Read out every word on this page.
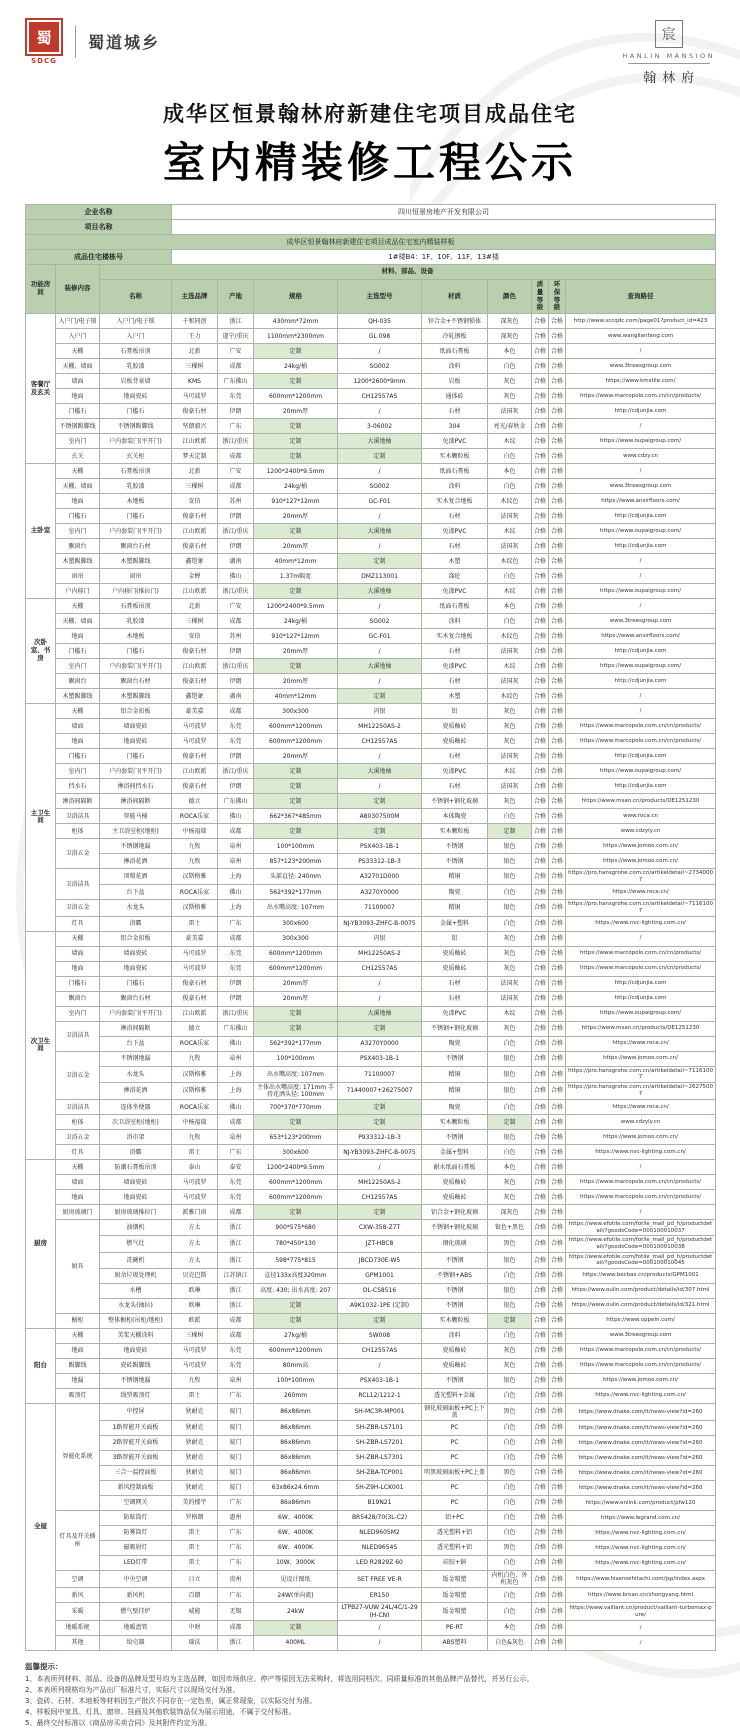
蜀
SDCG
蜀道城乡	宸
HANLIN MANSION
翰林府
成华区恒景翰林府新建住宅项目成品住宅
室内精装修工程公示
企业名称			四川恒景房地产开发有限公司								
项目名称											
成华区恒景翰林府新建住宅项目成品住宅室内精装样板											
成品住宅楼栋号			1#楼B4：1F、10F、11F、13#楼								
功能房间	装修内容	材料、部品、设备									
		名称	主选品牌	产地	规格	主选型号	材质	颜色	质量等级	环保等级	查询路径
客餐厅及玄关	入户门/电子锁	入户门/电子锁	千和同创	浙江	430mm*72mm	QH-035	锌合金+不锈钢锁体	深灰色	合格	合格	http://www.sccqdc.com/page01?product_id=423
	入户门	入户门	王力	遂宁/重庆	1100mm*2300mm	GL 098	冷轧钢板	深灰色	合格	合格	www.wanglianfang.com
	天棚	石膏板吊顶	北新	广安	定制	/	纸面石膏板	本色	合格	合格	/
	天棚、墙面	乳胶漆	三棵树	成都	24kg/桶	SG002	涂料	白色	合格	合格	www.3treesgroup.com
	墙面	岩板背景墙	KMS	广东佛山	定制	1200*2600*9mm	岩板	灰色	合格	合格	https://www.kmstile.com/
	地面	地面瓷砖	马可波罗	东莞	600mm*1200mm	CH12557AS	通体砖	灰色	合格	合格	https://www.marcopolo.com.cn/cn/products/
	门槛石	门槛石	俊豪石材	伊朗	20mm厚	/	石材	法国灰	合格	合格	http://cdjunjia.com
	不锈钢踢脚线	不锈钢踢脚线	坚朗毅兴	广东	定制	3-06002	304	亮光/春秋金	合格	合格	/
	室内门	户内套装门(平开门)	江山欧派	浙江/重庆	定制	大溪地柚	免漆PVC	木纹	合格	合格	https://www.oupaigroup.com/
	玄关	玄关柜	梦天定制	成都	定制	定制	实木颗粒板	白色	合格	合格	www.cdzy.cn
主卧室	天棚	石膏板吊顶	北新	广安	1200*2400*9.5mm	/	纸面石膏板	本色	合格	合格	/
	天棚、墙面	乳胶漆	三棵树	成都	24kg/桶	SG002	涂料	白色	合格	合格	www.3treesgroup.com
	地面	木地板	安信	苏州	910*127*12mm	GC-F01	实木复合地板	木纹色	合格	合格	https://www.ansirfloors.com/
	门槛石	门槛石	俊豪石材	伊朗	20mm厚	/	石材	法国灰	合格	合格	http://cdjunjia.com
	室内门	户内套装门(平开门)	江山欧派	浙江/重庆	定制	大溪地柚	免漆PVC	木纹	合格	合格	https://www.oupaigroup.com/
	飘窗台	飘窗台石材	俊豪石材	伊朗	20mm厚	/	石材	法国灰	合格	合格	http://cdjunjia.com
	木塑踢脚线	木塑踢脚线	鑫铠象	湖南	40mm*12mm	定制	木塑	木纹色	合格	合格	/
	窗帘	窗帘	金蝉	佛山	1.37m幅宽	DMZ113001	涤纶	白色	合格	合格	/
	户内移门	户内移门(推拉门)	江山欧派	浙江/重庆	定制	大溪地柚	免漆PVC	木纹	合格	合格	https://www.oupaigroup.com/
次卧室、书房	天棚	石膏板吊顶	北新	广安	1200*2400*9.5mm	/	纸面石膏板	本色	合格	合格	/
	天棚、墙面	乳胶漆	三棵树	成都	24kg/桶	SG002	涂料	白色	合格	合格	www.3treesgroup.com
	地面	木地板	安信	苏州	910*127*12mm	GC-F01	实木复合地板	木纹色	合格	合格	https://www.ansirfloors.com/
	门槛石	门槛石	俊豪石材	伊朗	20mm厚	/	石材	法国灰	合格	合格	http://cdjunjia.com
	室内门	户内套装门(平开门)	江山欧派	浙江/重庆	定制	大溪地柚	免漆PVC	木纹	合格	合格	https://www.oupaigroup.com/
	飘窗台	飘窗台石材	俊豪石材	伊朗	20mm厚	/	石材	法国灰	合格	合格	http://cdjunjia.com
	木塑踢脚线	木塑踢脚线	鑫铠象	湖南	40mm*12mm	定制	木塑	木纹色	合格	合格	/
主卫生间	天棚	铝合金扣板	豪美嘉	成都	300x300	闪银	铝	灰色	合格	合格	/
	墙面	墙面瓷砖	马可波罗	东莞	600mm*1200mm	MH12250AS-2	瓷质釉砖	灰色	合格	合格	https://www.marcopolo.com.cn/cn/products/
	地面	地面瓷砖	马可波罗	东莞	600mm*1200mm	CH12557AS	瓷质釉砖	灰色	合格	合格	https://www.marcopolo.com.cn/cn/products/
	门槛石	门槛石	俊豪石材	伊朗	20mm厚	/	石材	法国灰	合格	合格	http://cdjunjia.com
	室内门	户内套装门(平开门)	江山欧派	浙江/重庆	定制	大溪地柚	免漆PVC	木纹	合格	合格	https://www.oupaigroup.com/
	挡水石	淋浴间挡水石	俊豪石材	伊朗	定制	/	石材	法国灰	合格	合格	http://cdjunjia.com
	淋浴间隔断	淋浴间隔断	德立	广东佛山	定制	定制	不锈钢+钢化玻璃	灰色	合格	合格	https://www.msan.cn/products/DE1251230
	卫浴洁具	智能马桶	ROCA乐家	佛山	662*367*485mm	A80307500M	本体陶瓷	白色	合格	合格	www.roca.cn
	柜体	主卫浴室柜(地柜)	中杨福瑞	成都	定制	定制	实木颗粒板	定制	合格	合格	www.cdzyly.cn
	卫浴五金	不锈钢地漏	九牧	泉州	100*100mm	PSX403-1B-1	不锈钢	银色	合格	合格	https://www.jomoo.com.cn/
		淋浴花洒	九牧	泉州	857*123*200mm	PS33312-1B-3	不锈钢	银色	合格	合格	https://www.jomoo.com.cn/
	卫浴洁具	顶喷花洒	汉斯格雅	上海	头部直径: 240mm	A32701D000	精铜	银色	合格	合格	https://pro.hansgrohe.com.cn/artikeldetail~27340007
		台下盆	ROCA乐家	佛山	562*392*177mm	A3270Y0000	陶瓷	白色	合格	合格	https://www.roca.cn/
	卫浴五金	水龙头	汉斯格雅	上海	出水嘴高度: 107mm	71100007	精铜	银色	合格	合格	https://pro.hansgrohe.com.cn/artikeldetail~71161007
	灯具	浴霸	雷士	广东	300x600	NJ-YB3093-ZHFC-B-0075	金属+塑料	白色	合格	合格	https://www.nvc-lighting.com.cn/
次卫生间	天棚	铝合金扣板	豪美嘉	成都	300x300	闪银	铝	灰色	合格	合格	/
	墙面	墙面瓷砖	马可波罗	东莞	600mm*1200mm	MH12250AS-2	瓷质釉砖	灰色	合格	合格	https://www.marcopolo.com.cn/cn/products/
	地面	地面瓷砖	马可波罗	东莞	600mm*1200mm	CH12557AS	瓷质釉砖	灰色	合格	合格	https://www.marcopolo.com.cn/cn/products/
	门槛石	门槛石	俊豪石材	伊朗	20mm厚	/	石材	法国灰	合格	合格	http://cdjunjia.com
	飘窗台	飘窗台石材	俊豪石材	伊朗	20mm厚	/	石材	法国灰	合格	合格	http://cdjunjia.com
	室内门	户内套装门(平开门)	江山欧派	浙江/重庆	定制	大溪地柚	免漆PVC	木纹	合格	合格	https://www.oupaigroup.com/
	卫浴洁具	淋浴间隔断	德立	广东佛山	定制	定制	不锈钢+钢化玻璃	灰色	合格	合格	https://www.msan.cn/products/DE1251230
		台下盆	ROCA乐家	佛山	562*392*177mm	A3270Y0000	陶瓷	白色	合格	合格	https://www.roca.cn/
	卫浴五金	不锈钢地漏	九牧	泉州	100*100mm	PSX403-1B-1	不锈钢	银色	合格	合格	https://www.jomoo.com.cn/
		水龙头	汉斯格雅	上海	出水嘴高度: 107mm	71100007	精铜	银色	合格	合格	https://pro.hansgrohe.com.cn/artikeldetail~71161007
		淋浴花洒	汉斯格雅	上海	主体出水嘴高度: 171mm 手持花洒头径: 100mm	71440007+26275007	精铜	银色	合格	合格	https://pro.hansgrohe.com.cn/artikeldetail~26275007
	卫浴洁具	连体坐便器	ROCA乐家	佛山	700*370*770mm	定制	陶瓷	白色	合格	合格	https://www.roca.cn/
	柜体	次卫浴室柜(地柜)	中杨福瑞	成都	定制	定制	实木颗粒板	定制	合格	合格	www.cdzyly.cn
	卫浴五金	浴巾架	九牧	泉州	653*123*200mm	P933312-1B-3	不锈钢	银色	合格	合格	https://www.jomoo.com.cn/
	灯具	浴霸	雷士	广东	300x600	NJ-YB3093-ZHFC-B-0075	金属+塑料	白色	合格	合格	https://www.nvc-lighting.com.cn/
厨房	天棚	防潮石膏板吊顶	泰山	泰安	1200*2400*9.5mm	/	耐水纸面石膏板	本色	合格	合格	/
	墙面	墙面瓷砖	马可波罗	东莞	600mm*1200mm	MH12250AS-2	瓷质釉砖	灰色	合格	合格	https://www.marcopolo.com.cn/cn/products/
	地面	地面瓷砖	马可波罗	东莞	600mm*1200mm	CH12557AS	瓷质釉砖	灰色	合格	合格	https://www.marcopolo.com.cn/cn/products/
	厨房玻璃门	厨房玻璃推拉门	派雅门窗	成都	定制	定制	铝合金+钢化玻璃	深灰色	合格	合格	/
	厨具	油烟机	方太	浙江	900*575*680	CXW-358-Z7T	不锈钢+钢化玻璃	银色+黑色	合格	合格	https://www.efotile.com/fotile_mall_pd_h/productdetail/?goodsCode=000100010037
		燃气灶	方太	浙江	780*450*130	JZT-HBC8	钢化玻璃	黑色	合格	合格	https://www.efotile.com/fotile_mall_pd_h/productdetail/?goodsCode=000100010038
		洗碗机	方太	浙江	598*775*815	JBCD730E-W5	不锈钢	银色	合格	合格	https://www.efotile.com/fotile_mall_pd_h/productdetail/?goodsCode=000100010045
		厨余垃圾处理机	贝克巴斯	江苏镇江	直径133x高度320mm	GPM1001	不锈钢+ABS	白色	合格	合格	https://www.becbas.cn/products/GPM1001
		水槽	欧琳	浙江	高度: 430; 出水高度: 207	OL-CS8516	不锈钢	银色	合格	合格	https://www.oulin.com/product/details/id/307.html
		水龙头(抽拉)	欧琳	浙江	定制	A9K1032-1PE (定制)	不锈钢	银色	合格	合格	https://www.oulin.com/product/details/id/321.html
	橱柜	整体橱柜(吊柜/地柜)	欧派	成都	定制	定制	实木颗粒板	定制	合格	合格	https://www.oppein.com/
阳台	天棚	美浆天棚涂料	三棵树	成都	27kg/桶	SW008	涂料	白色	合格	合格	www.3treesgroup.com
	地面	地面瓷砖	马可波罗	东莞	600mm*1200mm	CH12557AS	瓷质釉砖	灰色	合格	合格	https://www.marcopolo.com.cn/cn/products/
	踢脚线	瓷砖踢脚线	马可波罗	东莞	80mm高	/	瓷质釉砖	灰色	合格	合格	https://www.marcopolo.com.cn/cn/products/
	地漏	不锈钢地漏	九牧	泉州	100*100mm	PSX403-1B-1	不锈钢	银色	合格	合格	https://www.jomoo.com.cn/
	吸顶灯	线型吸顶灯	雷士	广东	260mm	RCL12/1212-1	透光塑料+金属	白色	合格	合格	https://www.nvc-lighting.com.cn/
全屋	智能化系统	中控屏	狄耐克	厦门	86x86mm	SH-MC3R-MP001	钢化玻璃面板+PC上下盖	黑色	合格	合格	https://www.dnake.com/it/news-view?id=260
		1路智能开关面板	狄耐克	厦门	86x86mm	SH-ZBR-LS7101	PC	白色	合格	合格	https://www.dnake.com/it/news-view?id=260
		2路智能开关面板	狄耐克	厦门	86x86mm	SH-ZBR-LS7201	PC	白色	合格	合格	https://www.dnake.com/it/news-view?id=260
		3路智能开关面板	狄耐克	厦门	86x86mm	SH-ZBR-LS7301	PC	白色	合格	合格	https://www.dnake.com/it/news-view?id=260
		三合一温控面板	狄耐克	厦门	86x86mm	SH-ZBA-TCP001	明黑玻璃面板+PC上盖	黑色	合格	合格	https://www.dnake.com/it/news-view?id=260
		新风控制面板	狄耐克	厦门	63x86x24.6mm	SH-Z9H-LCK001	PC	白色	合格	合格	https://www.dnake.com/it/news-view?id=260
		空调网关	美的楼宇	广东	86x86mm	B19N21	PC	白色	合格	合格	https://www.enlink.com/product/pfw120
	灯具及开关插座	防眩筒灯	罗格朗	惠州	6W、4000K	BR5428/70(3L-C2)	铝+PC	白色	合格	合格	https://www.legrand.com.cn/
		防雾筒灯	雷士	广东	6W、4000K	NLED9605M2	透光塑料+铝	白色	合格	合格	https://www.nvc-lighting.com.cn/
		磁吸射灯	雷士	广东	6W、4000K	NLED9654S	透光塑料+铝	黑色	合格	合格	https://www.nvc-lighting.com.cn/
		LED灯带	雷士	广东	10W、3000K	LED R2829Z 60	硅胶+铜	白色	合格	合格	https://www.nvc-lighting.com.cn/
	空调	中央空调	日立	贵州	见设计图纸	SET FREE VE-R	钣金喷塑	内机白色、外机灰色	合格	合格	https://www.hisensehitachi.com/jsp/index.aspx
	新风	新风机	百朗	广东	24W(单向流)	ER150	钣金喷塑	白色	合格	合格	https://www.broan.cn/zhongyang.html
	采暖	燃气壁挂炉	威能	无锡	24kW	LTPB27-VUW 24L/4C/1-29 (H-CN)	钣金喷塑	白色	合格	合格	https://www.vaillant.cn/product/vaillant-turbomax-pure/
	地暖系统	地暖盘管	中财	成都	定制	/	PE-RT	本色	合格	合格	/
	其他	给皂器	瑞沃	浙江	400ML	/	ABS塑料	白色&灰色	合格	合格	/
温馨提示：
1、本表所列材料、部品、设备的品牌及型号均为主选品牌，如因市场供应、停产等原因无法采购时，将选用同档次、同质量标准的其他品牌产品替代，并另行公示。
2、本表所列规格均为产品出厂标准尺寸，实际尺寸以现场交付为准。
3、瓷砖、石材、木地板等材料因生产批次不同存在一定色差，属正常现象，以实际交付为准。
4、样板间中家具、灯具、窗帘、挂画及其他软装饰品仅为展示用途，不属于交付标准。
5、最终交付标准以《商品房买卖合同》及其附件约定为准。
